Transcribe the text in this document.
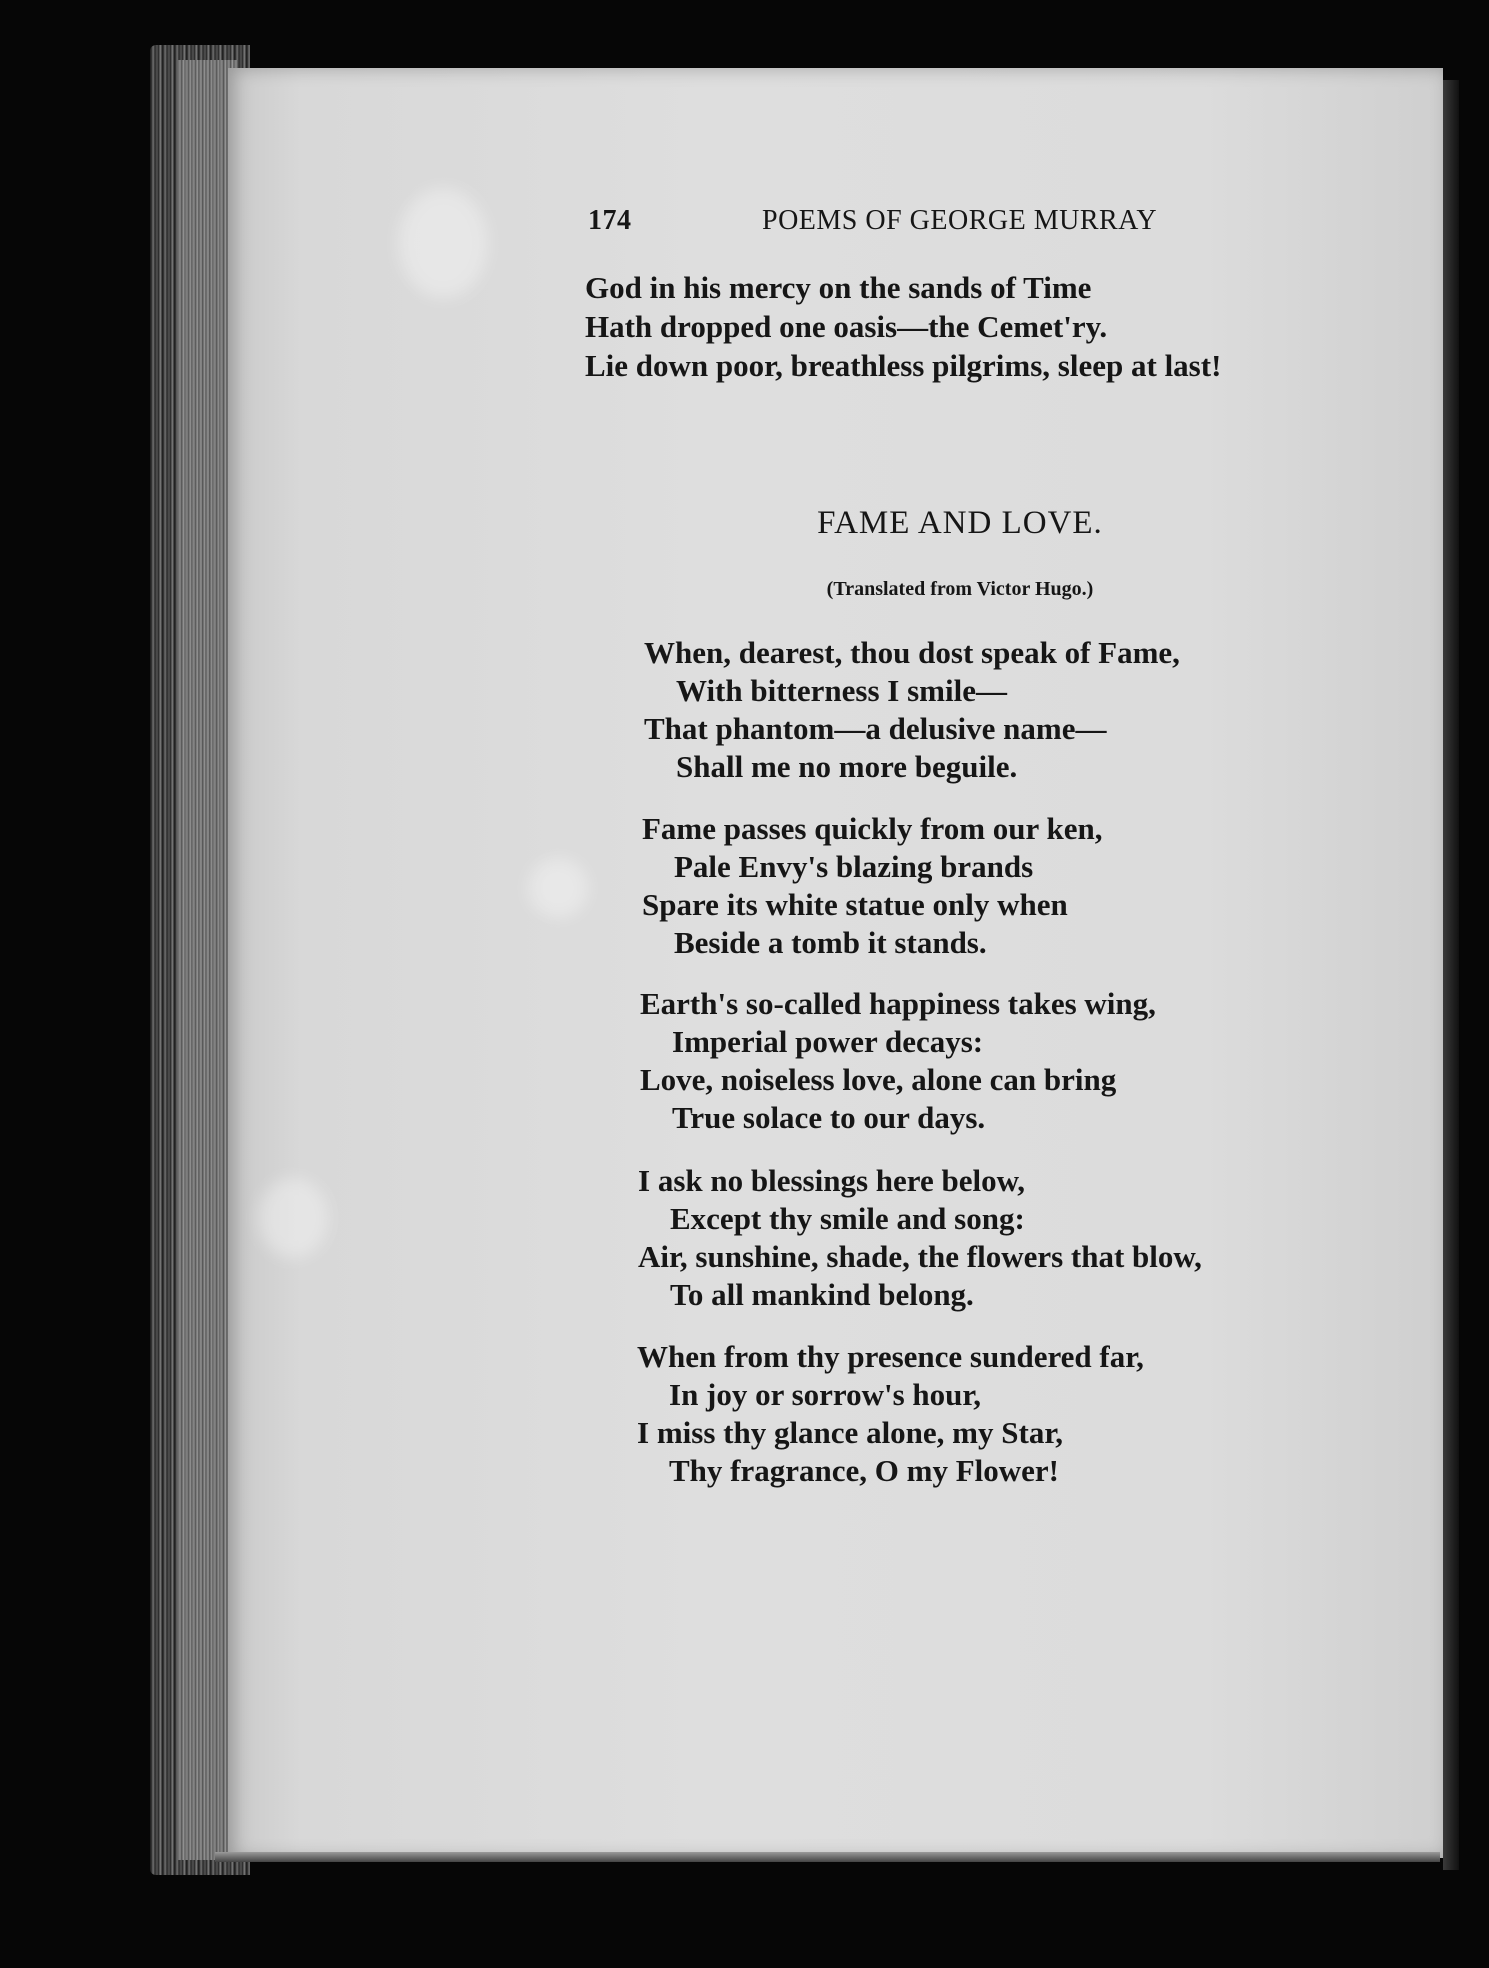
174	POEMS OF GEORGE MURRAY
God in his mercy on the sands of Time
Hath dropped one oasis—the Cemet'ry.
Lie down poor, breathless pilgrims, sleep at last!
FAME AND LOVE.
(Translated from Victor Hugo.)
When, dearest, thou dost speak of Fame,
With bitterness I smile—
That phantom—a delusive name—
Shall me no more beguile.
Fame passes quickly from our ken,
Pale Envy's blazing brands
Spare its white statue only when
Beside a tomb it stands.
Earth's so-called happiness takes wing,
Imperial power decays:
Love, noiseless love, alone can bring
True solace to our days.
I ask no blessings here below,
Except thy smile and song:
Air, sunshine, shade, the flowers that blow,
To all mankind belong.
When from thy presence sundered far,
In joy or sorrow's hour,
I miss thy glance alone, my Star,
Thy fragrance, O my Flower!
